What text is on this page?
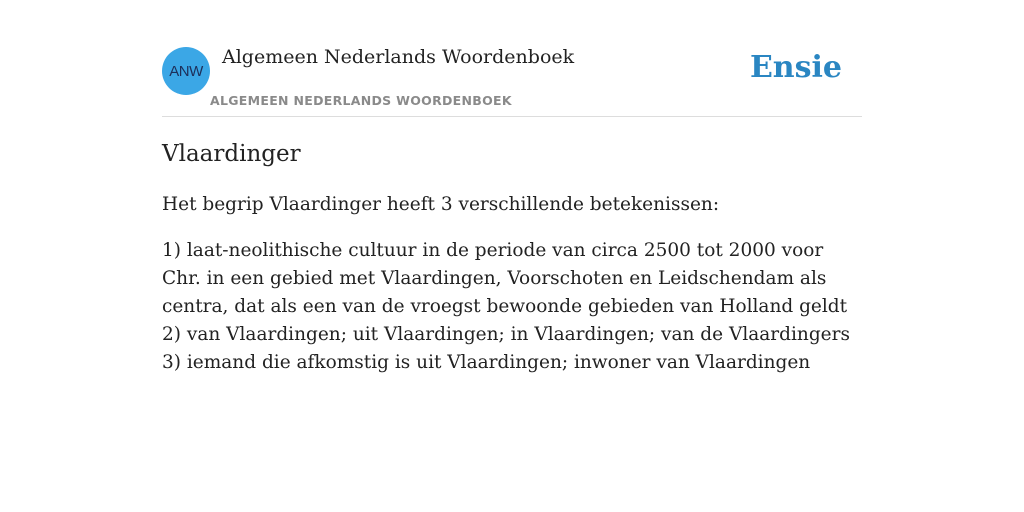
ANW
Algemeen Nederlands Woordenboek
ALGEMEEN NEDERLANDS WOORDENBOEK
Ensie
Vlaardinger

Het begrip Vlaardinger heeft 3 verschillende betekenissen:

1) laat-neolithische cultuur in de periode van circa 2500 tot 2000 voor Chr. in een gebied met Vlaardingen, Voorschoten en Leidschendam als centra, dat als een van de vroegst bewoonde gebieden van Holland geldt
2) van Vlaardingen; uit Vlaardingen; in Vlaardingen; van de Vlaardingers
3) iemand die afkomstig is uit Vlaardingen; inwoner van Vlaardingen
